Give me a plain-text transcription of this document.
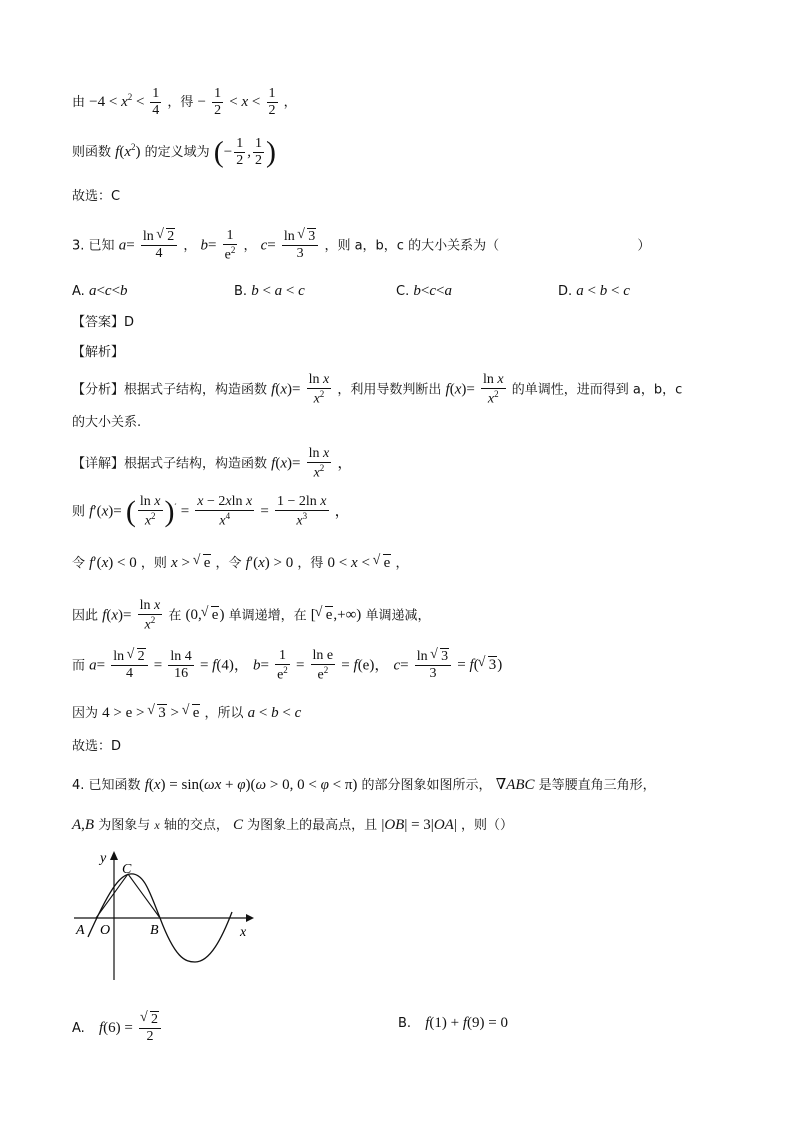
由 $-4 < x^2 < \frac{1}{4}$ ，得 − $\frac{1}{2} < x < \frac{1}{2}$ ，
则函数 $f(x^2)$ 的定义域为 (− $\frac{1}{2}$ , $\frac{1}{2}$ )
故选：C
3. 已知 $a= \frac{\ln √ 2}{4}$ ， $b= \frac{1}{e^2}$ ， $c= \frac{\ln √ 3}{3}$ ，则 a，b，c 的大小关系为（	）
A. a<c<b	B. b < a < c	C. b<c<a	D. a < b < c
【答案】D
【解析】
【分析】根据式子结构，构造函数 $f(x)= \frac{\text{ln x}}{x^2}$ ，利用导数判断出 $f(x)= \frac{\text{ln x}}{x^2}$ 的单调性，进而得到 a，b，c
的大小关系.
【详解】根据式子结构，构造函数 $f(x)= \frac{\text{ln x}}{x^2}$ ，
则 f′(x)= ( $\frac{\text{ln x}}{x^2} )' = \frac{\text{x − 2xln x}}{x^4} = \frac{\text{1 − 2ln x}}{x^3}$ ，
令 f′(x) < 0 ，则 x > √ e ，令 f′(x) > 0 ，得 0 < x < √ e ，
因此 $f(x)= \frac{\text{ln x}}{x^2}$ 在 (0,√ e) 单调递增，在 [√ e,+∞) 单调递减，
而 $a= \frac{\ln √ 2}{4} = \frac{\ln 4}{16} = f(4)$， $b= \frac{1}{e^2} = \frac{\text{ln e}}{e^2} = f(e)$， $c= \frac{\ln √ 3}{3} = f(√$ 3)
因为 4 > e > √ 3 > √ e ，所以 a < b < c
故选：D
4. 已知函数 f(x) = sin(ωx + φ)(ω > 0, 0 < φ < π) 的部分图象如图所示， ∇ABC 是等腰直角三角形，
A,B 为图象与 x 轴的交点， C 为图象上的最高点，且 |OB| = 3|OA| ，则（）
y
x
C
A O	B
A. f(6) =
√ $\frac{2}{2}$	B. f(1) + f(9) = 0
